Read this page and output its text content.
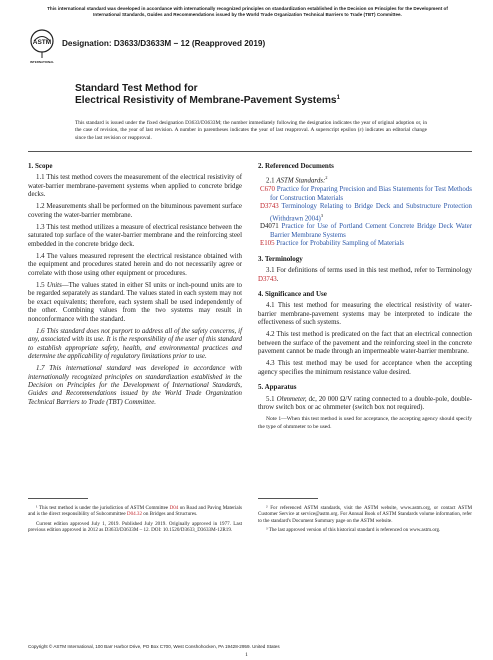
This international standard was developed in accordance with internationally recognized principles on standardization established in the Decision on Principles for the Development of International Standards, Guides and Recommendations issued by the World Trade Organization Technical Barriers to Trade (TBT) Committee.
ASTM
INTERNATIONAL
Designation: D3633/D3633M − 12 (Reapproved 2019)
Standard Test Method for
Electrical Resistivity of Membrane-Pavement Systems$^1$
This standard is issued under the fixed designation D3633/D3633M; the number immediately following the designation indicates the year of original adoption or, in the case of revision, the year of last revision. A number in parentheses indicates the year of last reapproval. A superscript epsilon (ε) indicates an editorial change since the last revision or reapproval.
1. Scope

1.1 This test method covers the measurement of the electrical resistivity of water-barrier membrane-pavement systems when applied to concrete bridge decks.

1.2 Measurements shall be performed on the bituminous pavement surface covering the water-barrier membrane.

1.3 This test method utilizes a measure of electrical resistance between the saturated top surface of the water-barrier membrane and the reinforcing steel embedded in the concrete bridge deck.

1.4 The values measured represent the electrical resistance obtained with the equipment and procedures stated herein and do not necessarily agree or correlate with those using other equipment or procedures.

1.5 Units—The values stated in either SI units or inch-pound units are to be regarded separately as standard. The values stated in each system may not be exact equivalents; therefore, each system shall be used independently of the other. Combining values from the two systems may result in nonconformance with the standard.

1.6 This standard does not purport to address all of the safety concerns, if any, associated with its use. It is the responsibility of the user of this standard to establish appropriate safety, health, and environmental practices and determine the applicability of regulatory limitations prior to use.

1.7 This international standard was developed in accordance with internationally recognized principles on standardization established in the Decision on Principles for the Development of International Standards, Guides and Recommendations issued by the World Trade Organization Technical Barriers to Trade (TBT) Committee.

2. Referenced Documents

2.1 ASTM Standards:$^2$

C670 Practice for Preparing Precision and Bias Statements for Test Methods for Construction Materials

D3743 Terminology Relating to Bridge Deck and Substructure Protection (Withdrawn 2004)$^3$

D4071 Practice for Use of Portland Cement Concrete Bridge Deck Water Barrier Membrane Systems

E105 Practice for Probability Sampling of Materials

3. Terminology

3.1 For definitions of terms used in this test method, refer to Terminology D3743.

4. Significance and Use

4.1 This test method for measuring the electrical resistivity of water-barrier membrane-pavement systems may be interpreted to indicate the effectiveness of such systems.

4.2 This test method is predicated on the fact that an electrical connection between the surface of the pavement and the reinforcing steel in the concrete pavement cannot be made through an impermeable water-barrier membrane.

4.3 This test method may be used for acceptance when the accepting agency specifies the minimum resistance value desired.

5. Apparatus

5.1 Ohmmeter, dc, 20 000 Ω/V rating connected to a double-pole, double-throw switch box or ac ohmmeter (switch box not required).

Note 1—When this test method is used for acceptance, the accepting agency should specify the type of ohmmeter to be used.

¹ This test method is under the jurisdiction of ASTM Committee D04 on Road and Paving Materials and is the direct responsibility of Subcommittee D04.32 on Bridges and Structures.

Current edition approved July 1, 2019. Published July 2019. Originally approved in 1977. Last previous edition approved in 2012 as D3633/D3633M – 12. DOI: 10.1520/D3633_D3633M-12R19.

² For referenced ASTM standards, visit the ASTM website, www.astm.org, or contact ASTM Customer Service at service@astm.org. For Annual Book of ASTM Standards volume information, refer to the standard's Document Summary page on the ASTM website.

³ The last approved version of this historical standard is referenced on www.astm.org.

Copyright © ASTM International, 100 Barr Harbor Drive, PO Box C700, West Conshohocken, PA 19428-2959. United States
1
